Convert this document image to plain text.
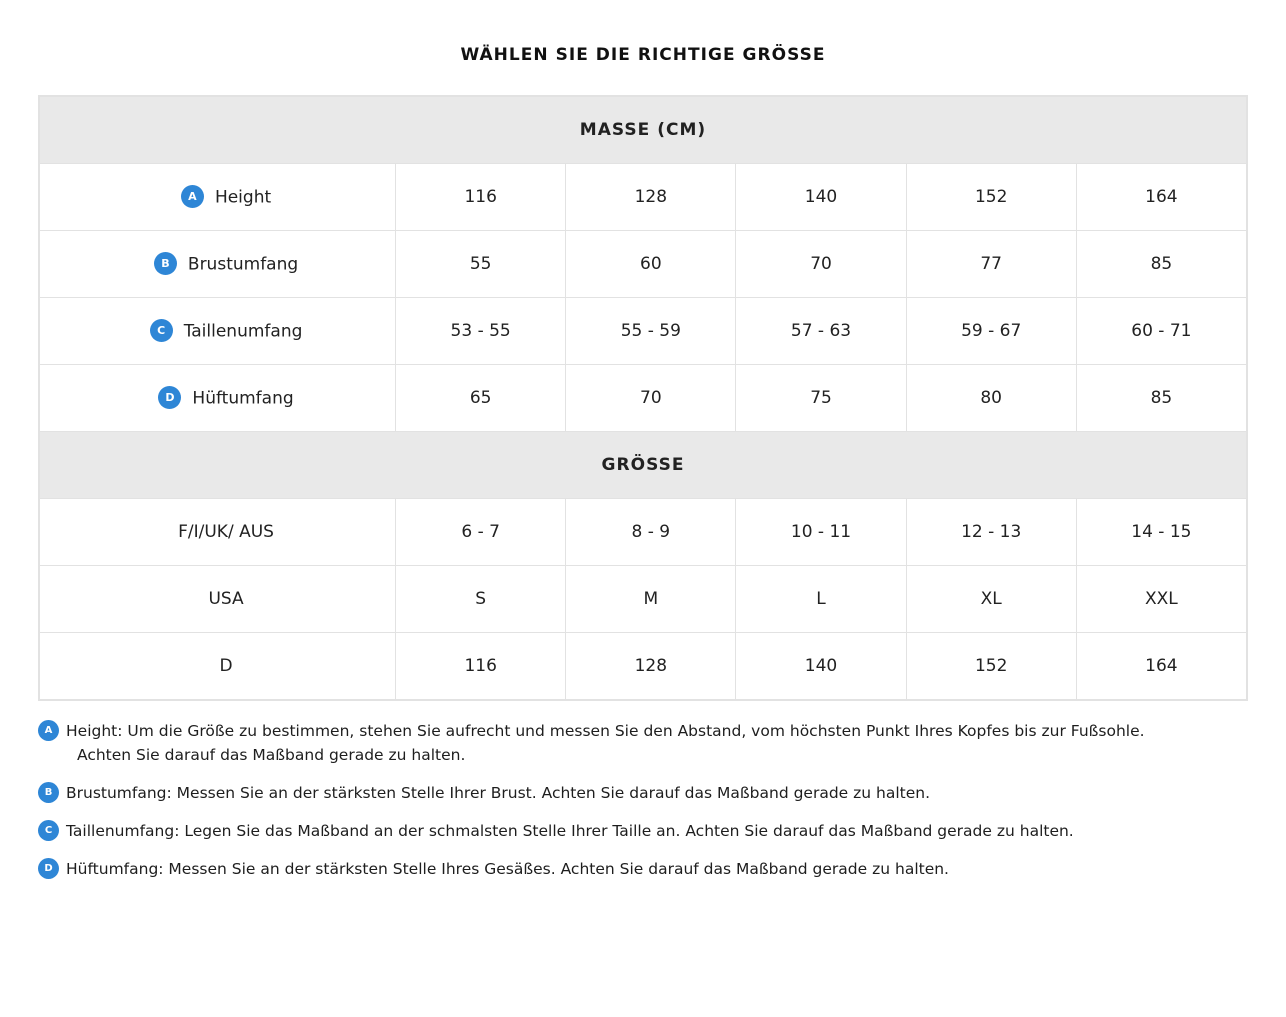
WÄHLEN SIE DIE RICHTIGE GRÖSSE
MASSE (CM)					
A Height	116	128	140	152	164
B Brustumfang	55	60	70	77	85
C Taillenumfang	53 - 55	55 - 59	57 - 63	59 - 67	60 - 71
D Hüftumfang	65	70	75	80	85
GRÖSSE					
F/I/UK/ AUS	6 - 7	8 - 9	10 - 11	12 - 13	14 - 15
USA	S	M	L	XL	XXL
D	116	128	140	152	164
A Height: Um die Größe zu bestimmen, stehen Sie aufrecht und messen Sie den Abstand, vom höchsten Punkt Ihres Kopfes bis zur Fußsohle.
Achten Sie darauf das Maßband gerade zu halten.
B Brustumfang: Messen Sie an der stärksten Stelle Ihrer Brust. Achten Sie darauf das Maßband gerade zu halten.
C Taillenumfang: Legen Sie das Maßband an der schmalsten Stelle Ihrer Taille an. Achten Sie darauf das Maßband gerade zu halten.
D Hüftumfang: Messen Sie an der stärksten Stelle Ihres Gesäßes. Achten Sie darauf das Maßband gerade zu halten.
